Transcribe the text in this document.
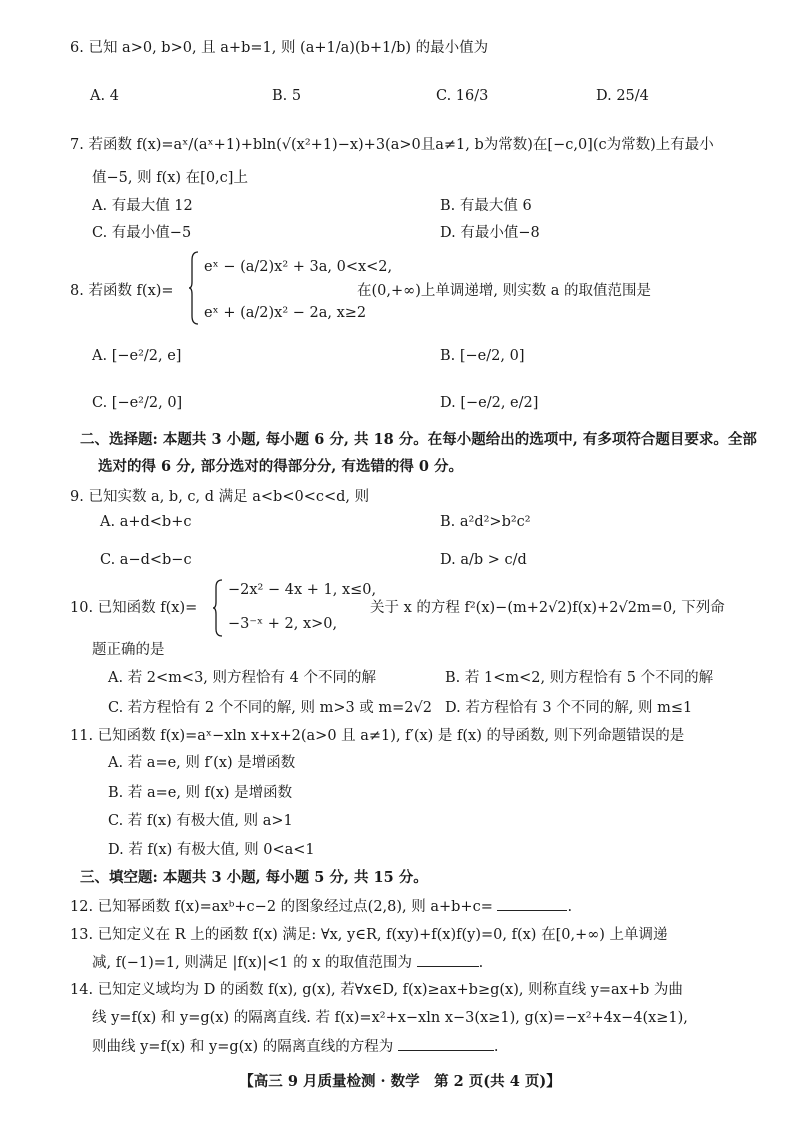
6. 已知 a>0, b>0, 且 a+b=1, 则 (a+1/a)(b+1/b) 的最小值为
A. 4	B. 5	C. 16/3	D. 25/4
7. 若函数 f(x)=aˣ/(aˣ+1)+bln(√(x²+1)−x)+3(a>0且a≠1, b为常数)在[−c,0](c为常数)上有最小
值−5, 则 f(x) 在[0,c]上
A. 有最大值 12	B. 有最大值 6
C. 有最小值−5	D. 有最小值−8
8. 若函数 f(x)=
eˣ − (a/2)x² + 3a, 0<x<2,
eˣ + (a/2)x² − 2a, x≥2
在(0,+∞)上单调递增, 则实数 a 的取值范围是
A. [−e²/2, e]	B. [−e/2, 0]
C. [−e²/2, 0]	D. [−e/2, e/2]
二、选择题: 本题共 3 小题, 每小题 6 分, 共 18 分。在每小题给出的选项中, 有多项符合题目要求。全部
选对的得 6 分, 部分选对的得部分分, 有选错的得 0 分。
9. 已知实数 a, b, c, d 满足 a<b<0<c<d, 则
A. a+d<b+c	B. a²d²>b²c²
C. a−d<b−c	D. a/b > c/d
10. 已知函数 f(x)=
−2x² − 4x + 1, x≤0,
−3⁻ˣ + 2, x>0,
关于 x 的方程 f²(x)−(m+2√2)f(x)+2√2m=0, 下列命
题正确的是
A. 若 2<m<3, 则方程恰有 4 个不同的解	B. 若 1<m<2, 则方程恰有 5 个不同的解
C. 若方程恰有 2 个不同的解, 则 m>3 或 m=2√2 D. 若方程恰有 3 个不同的解, 则 m≤1
11. 已知函数 f(x)=aˣ−xln x+x+2(a>0 且 a≠1), f′(x) 是 f(x) 的导函数, 则下列命题错误的是
A. 若 a=e, 则 f′(x) 是增函数
B. 若 a=e, 则 f(x) 是增函数
C. 若 f(x) 有极大值, 则 a>1
D. 若 f(x) 有极大值, 则 0<a<1
三、填空题: 本题共 3 小题, 每小题 5 分, 共 15 分。
12. 已知幂函数 f(x)=axᵇ+c−2 的图象经过点(2,8), 则 a+b+c=	.
13. 已知定义在 R 上的函数 f(x) 满足: ∀x, y∈R, f(xy)+f(x)f(y)=0, f(x) 在[0,+∞) 上单调递
减, f(−1)=1, 则满足 |f(x)|<1 的 x 的取值范围为	.
14. 已知定义域均为 D 的函数 f(x), g(x), 若∀x∈D, f(x)≥ax+b≥g(x), 则称直线 y=ax+b 为曲
线 y=f(x) 和 y=g(x) 的隔离直线. 若 f(x)=x²+x−xln x−3(x≥1), g(x)=−x²+4x−4(x≥1),
则曲线 y=f(x) 和 y=g(x) 的隔离直线的方程为	.
【高三 9 月质量检测 · 数学　第 2 页(共 4 页)】
